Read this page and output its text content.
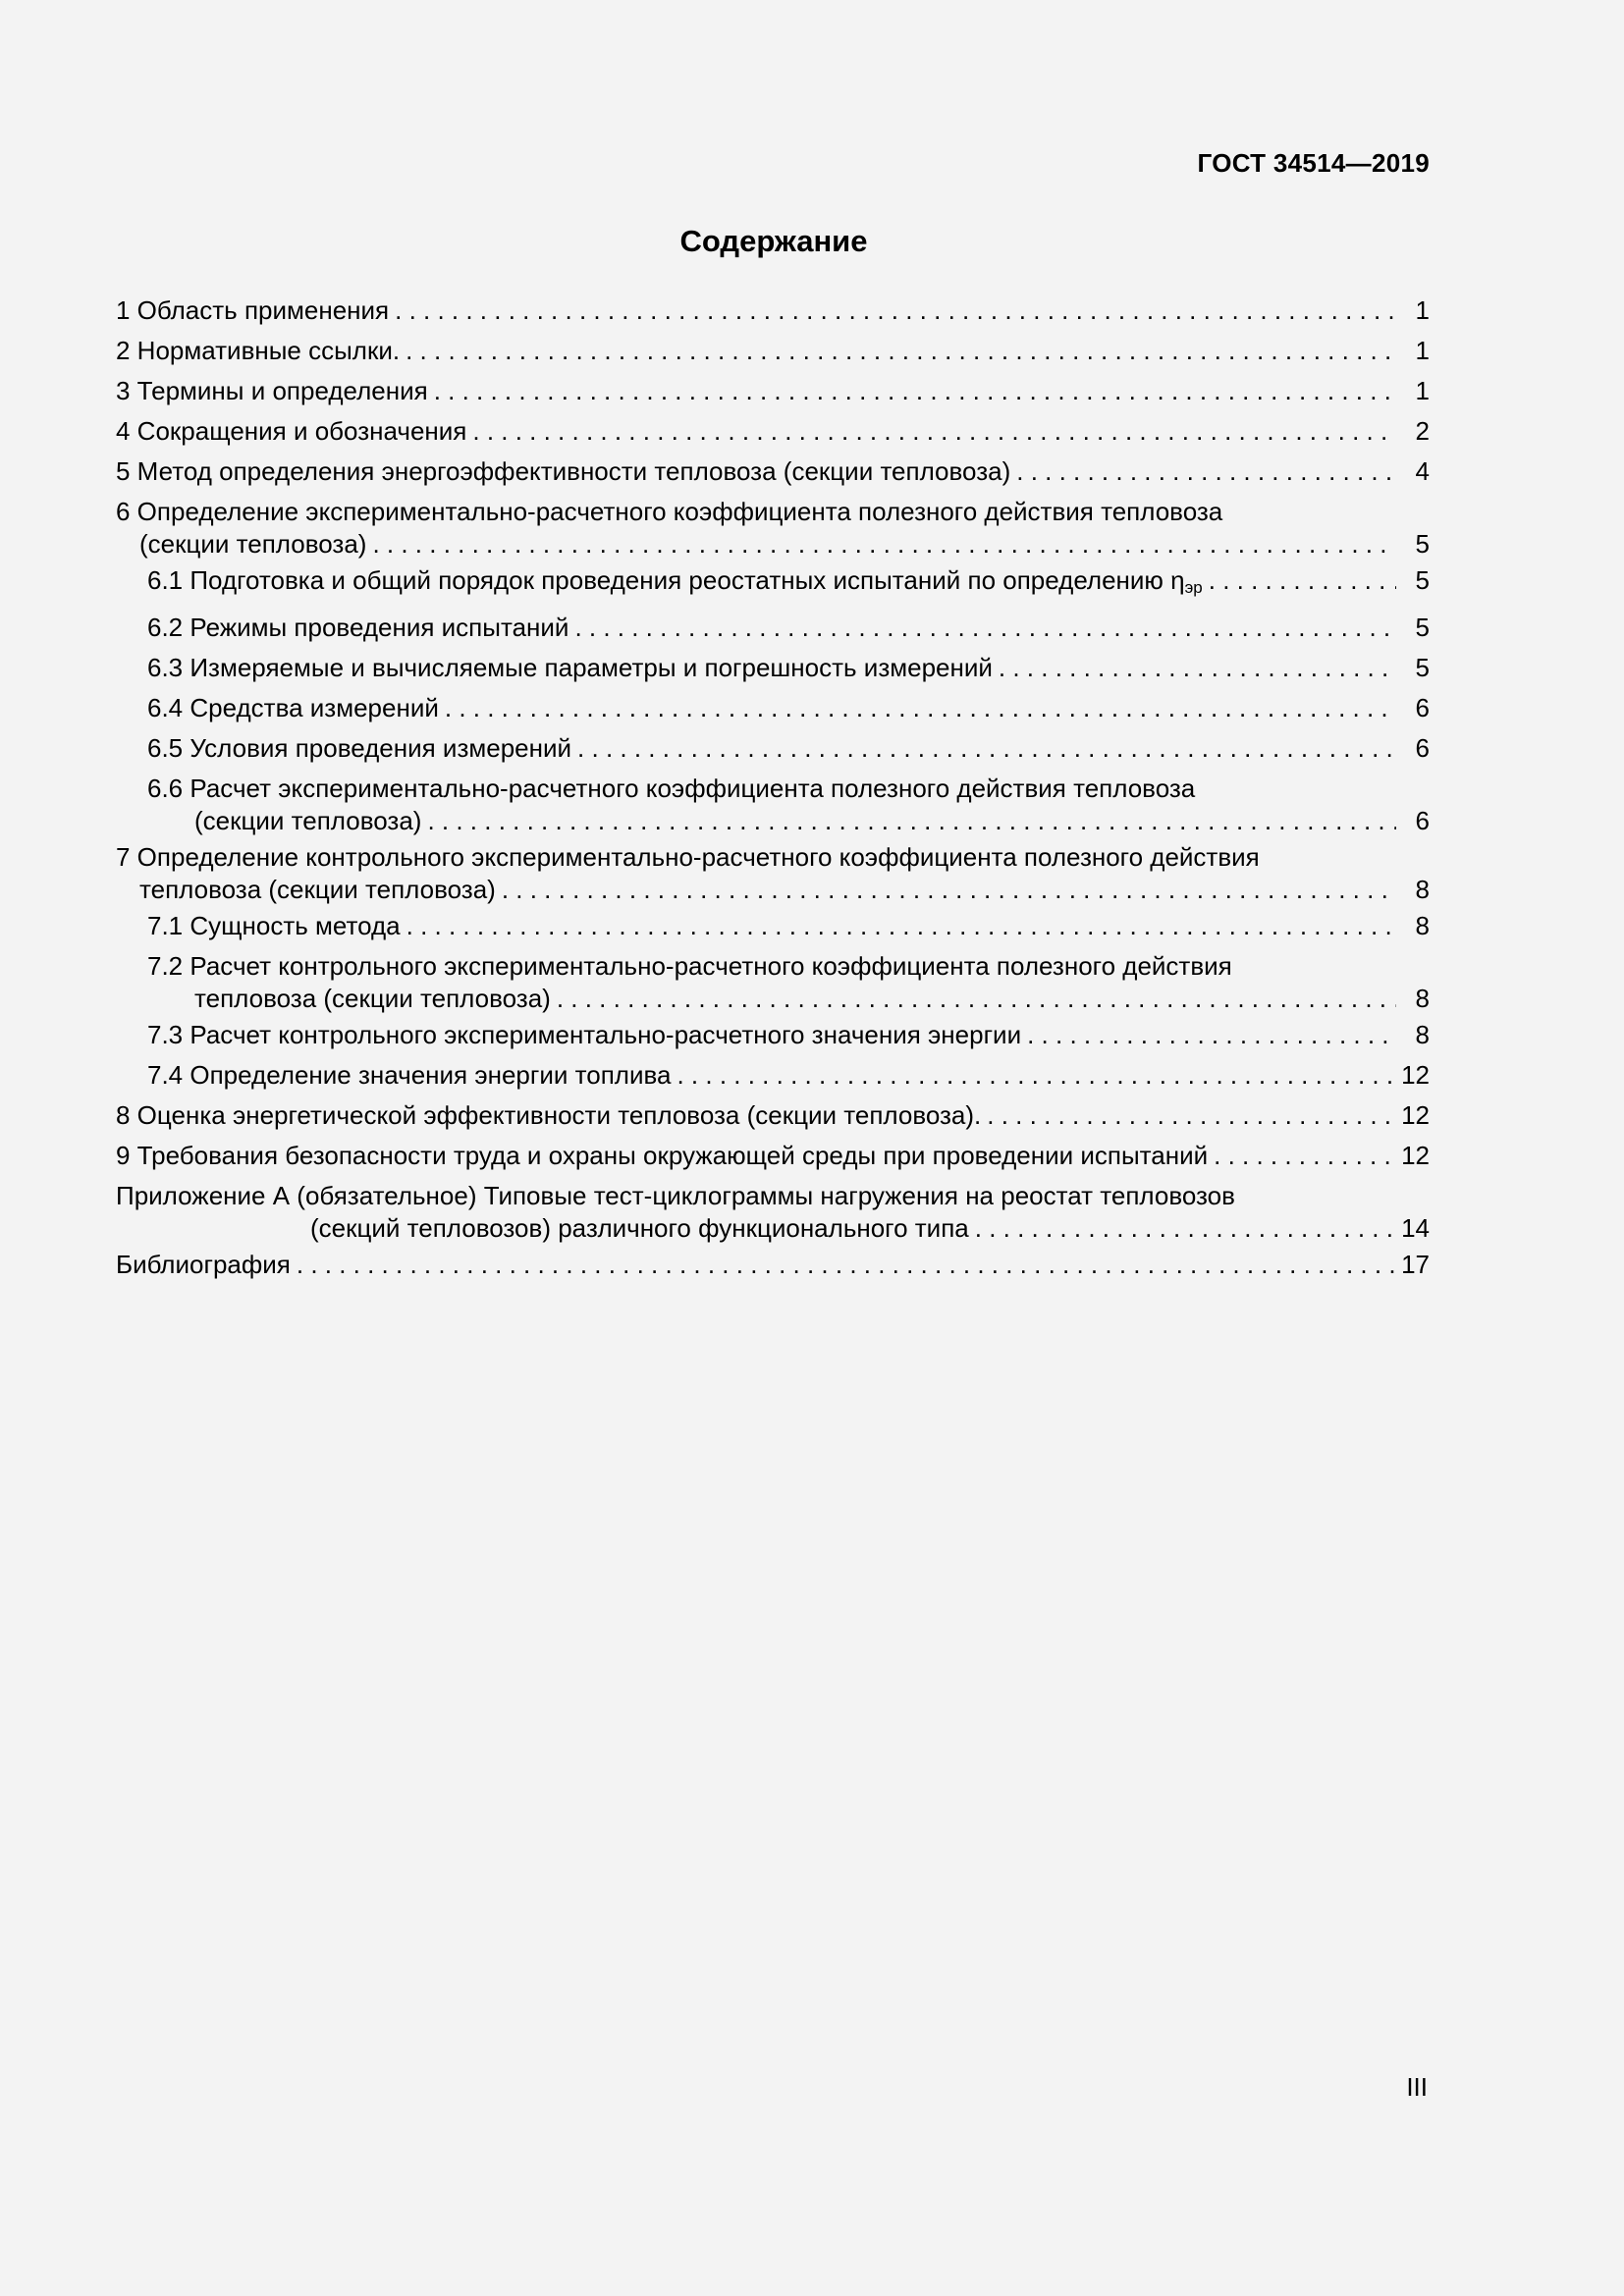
ГОСТ 34514—2019
Содержание
1 Область применения . . .	1
2 Нормативные ссылки. . . .	1
3 Термины и определения . . .	1
4 Сокращения и обозначения . . .	2
5 Метод определения энергоэффективности тепловоза (секции тепловоза) . . .	4
6 Определение экспериментально-расчетного коэффициента полезного действия тепловоза
(секции тепловоза) . . .	5
6.1 Подготовка и общий порядок проведения реостатных испытаний по определению $\eta_{эр}$ . . .	5
6.2 Режимы проведения испытаний . . .	5
6.3 Измеряемые и вычисляемые параметры и погрешность измерений . . .	5
6.4 Средства измерений . . .	6
6.5 Условия проведения измерений . . .	6
6.6 Расчет экспериментально-расчетного коэффициента полезного действия тепловоза
(секции тепловоза) . . .	6
7 Определение контрольного экспериментально-расчетного коэффициента полезного действия
тепловоза (секции тепловоза) . . .	8
7.1 Сущность метода . . .	8
7.2 Расчет контрольного экспериментально-расчетного коэффициента полезного действия
тепловоза (секции тепловоза) . . .	8
7.3 Расчет контрольного экспериментально-расчетного значения энергии . . .	8
7.4 Определение значения энергии топлива . . .	12
8 Оценка энергетической эффективности тепловоза (секции тепловоза). . . .	12
9 Требования безопасности труда и охраны окружающей среды при проведении испытаний . . .	12
Приложение А (обязательное) Типовые тест-циклограммы нагружения на реостат тепловозов
(секций тепловозов) различного функционального типа . . .	14
Библиография . . .	17
III
